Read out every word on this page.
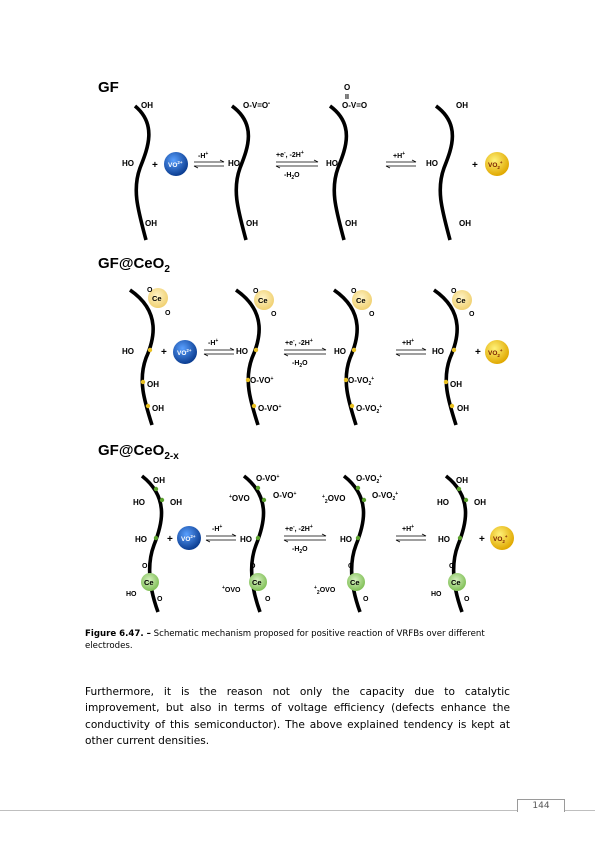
GF
OH
HO
OH
+ $VO^{2+}$
-H+
O-V=O•
HO
OH
+e-, -2H+
$-H_2O$
O
II
O-V=O
HO
OH
+H+
OH
HO
OH
+ $VO_2^+$
GF@CeO$_2$
Ce
O
O
HO
OH
OH
+ $VO^{2+}$
-H+
Ce
O
O
HO
O-VO+
O-VO+
+e-, -2H+
$-H_2O$
Ce
O
O
HO
$O-VO_2^+$
$O-VO_2^+$
+H+
Ce
O
O
HO
OH
OH
+ $VO_2^+$
GF@CeO$_{2-x}$
OH
HO	OH
HO
Ce
O
HO
O
+ $VO^{2+}$
-H+
O-VO+
+OVO	O-VO+
HO
Ce
O
+OVO
O
+e-, -2H+
$-H_2O$
$O-VO_2^+$
+$_2$OVO	$O-VO_2^+$
HO
Ce
O
+$_2$OVO
O
+H+
OH
HO	OH
HO
Ce
O
HO
O
+ $VO_2^+$
Figure 6.47. – Schematic mechanism proposed for positive reaction of VRFBs over different electrodes.
Furthermore, it is the reason not only the capacity due to catalytic improvement, but also in terms of voltage efficiency (defects enhance the conductivity of this semiconductor). The above explained tendency is kept at other current densities.
144
